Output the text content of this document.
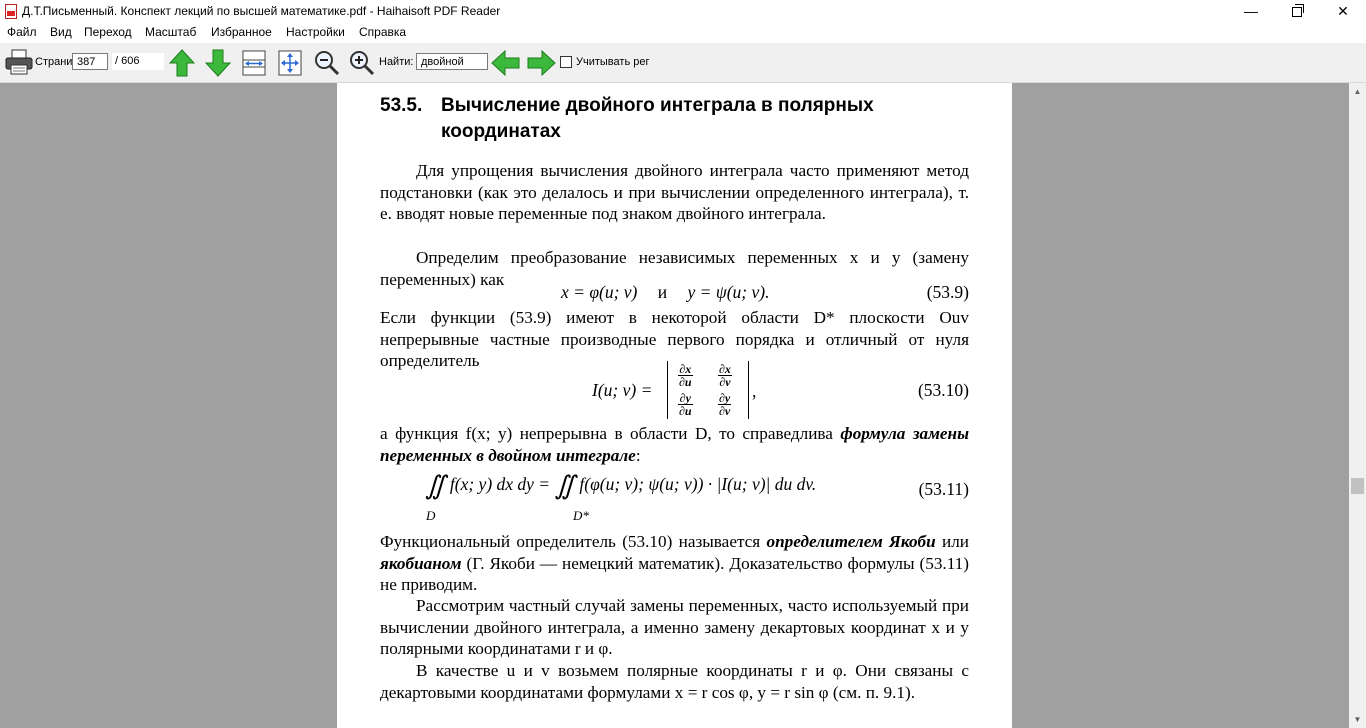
Д.Т.Письменный. Конспект лекций по высшей математике.pdf - Haihaisoft PDF Reader	—	✕
Файл Вид Переход Масштаб Избранное Настройки Справка
Страни
387	/ 606	Найти:
двойной	Учитывать рег
53.5. Вычисление двойного интеграла в полярных
координатах

Для упрощения вычисления двойного интеграла часто применяют метод подстановки (как это делалось и при вычислении определенного интеграла), т. е. вводят новые переменные под знаком двойного интеграла.

Определим преобразование независимых переменных x и y (замену переменных) как

x = φ(u; v) и y = ψ(u; v).	(53.9)

Если функции (53.9) имеют в некоторой области D* плоскости Ouv непрерывные частные производные первого порядка и отличный от нуля определитель

I(u; v) =
$\frac{\partial x}{\partial u} \frac{\partial x}{\partial v}$
$\frac{\partial y}{\partial u} \frac{\partial y}{\partial v}$
,	(53.10)

а функция f(x; y) непрерывна в области D, то справедлива формула замены переменных в двойном интеграле:

∬ f(x; y) dx dy = ∬ f(φ(u; v); ψ(u; v)) · |I(u; v)| du dv.
D	D*
(53.11)

Функциональный определитель (53.10) называется определителем Якоби или якобианом (Г. Якоби — немецкий математик). Доказательство формулы (53.11) не приводим.

Рассмотрим частный случай замены переменных, часто используемый при вычислении двойного интеграла, а именно замену декартовых координат x и y полярными координатами r и φ.

В качестве u и v возьмем полярные координаты r и φ. Они связаны с декартовыми координатами формулами x = r cos φ, y = r sin φ (см. п. 9.1).

▲
▼
